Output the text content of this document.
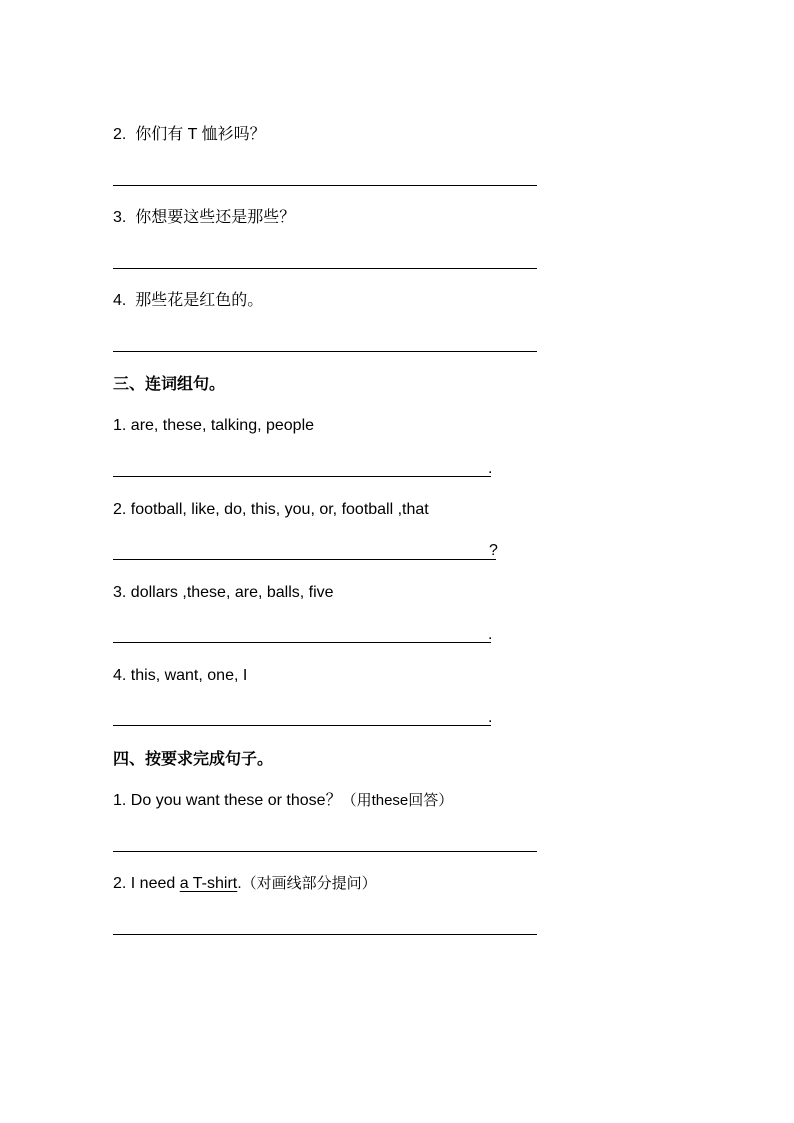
2. 你们有 T 恤衫吗？
3. 你想要这些还是那些？
4. 那些花是红色的。
三、连词组句。
1. are, these, talking, people
.
2. football, like, do, this, you, or, football ,that
?
3. dollars ,these, are, balls, five
.
4. this, want, one, I
.
四、按要求完成句子。
1. Do you want these or those？（用these回答）
2. I need a T-shirt.（对画线部分提问）
